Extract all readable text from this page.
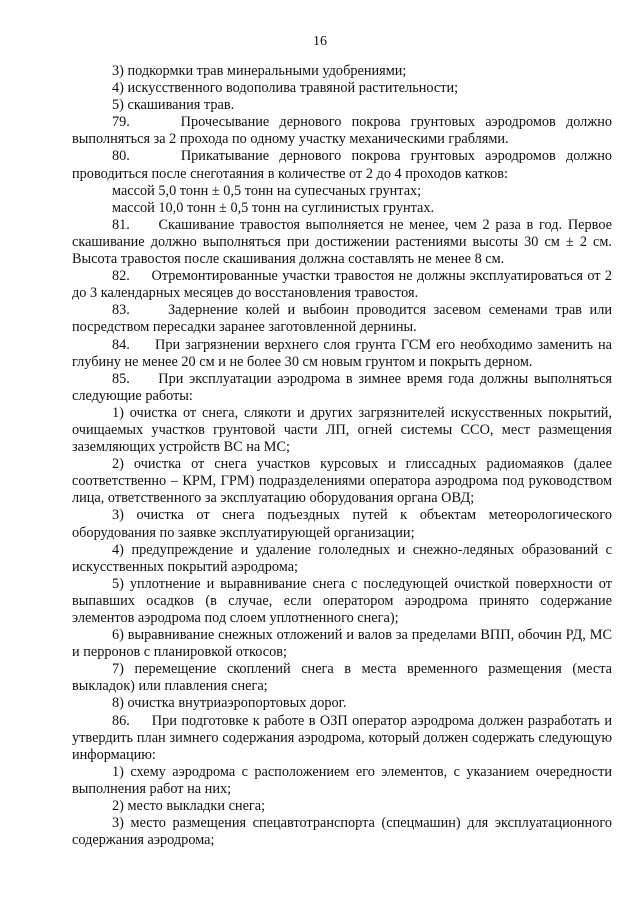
16

3) подкормки трав минеральными удобрениями;

4) искусственного водополива травяной растительности;

5) скашивания трав.

79.     Прочесывание дернового покрова грунтовых аэродромов должно выполняться за 2 прохода по одному участку механическими граблями.

80.     Прикатывание дернового покрова грунтовых аэродромов должно проводиться после снеготаяния в количестве от 2 до 4 проходов катков:

массой 5,0 тонн ± 0,5 тонн на супесчаных грунтах;

массой 10,0 тонн ± 0,5 тонн на суглинистых грунтах.

81.     Скашивание травостоя выполняется не менее, чем 2 раза в год. Первое скашивание должно выполняться при достижении растениями высоты 30 см ± 2 см. Высота травостоя после скашивания должна составлять не менее 8 см.

82.     Отремонтированные участки травостоя не должны эксплуатироваться от 2 до 3 календарных месяцев до восстановления травостоя.

83.     Задернение колей и выбоин проводится засевом семенами трав или посредством пересадки заранее заготовленной дернины.

84.     При загрязнении верхнего слоя грунта ГСМ его необходимо заменить на глубину не менее 20 см и не более 30 см новым грунтом и покрыть дерном.

85.     При эксплуатации аэродрома в зимнее время года должны выполняться следующие работы:

1) очистка от снега, слякоти и других загрязнителей искусственных покрытий, очищаемых участков грунтовой части ЛП, огней системы ССО, мест размещения заземляющих устройств ВС на МС;

2) очистка от снега участков курсовых и глиссадных радиомаяков (далее соответственно – КРМ, ГРМ) подразделениями оператора аэродрома под руководством лица, ответственного за эксплуатацию оборудования органа ОВД;

3) очистка от снега подъездных путей к объектам метеорологического оборудования по заявке эксплуатирующей организации;

4) предупреждение и удаление гололедных и снежно-ледяных образований с искусственных покрытий аэродрома;

5) уплотнение и выравнивание снега с последующей очисткой поверхности от выпавших осадков (в случае, если оператором аэродрома принято содержание элементов аэродрома под слоем уплотненного снега);

6) выравнивание снежных отложений и валов за пределами ВПП, обочин РД, МС и перронов с планировкой откосов;

7) перемещение скоплений снега в места временного размещения (места выкладок) или плавления снега;

8) очистка внутриаэропортовых дорог.

86.     При подготовке к работе в ОЗП оператор аэродрома должен разработать и утвердить план зимнего содержания аэродрома, который должен содержать следующую информацию:

1) схему аэродрома с расположением его элементов, с указанием очередности выполнения работ на них;

2) место выкладки снега;

3) место размещения спецавтотранспорта (спецмашин) для эксплуатационного содержания аэродрома;
